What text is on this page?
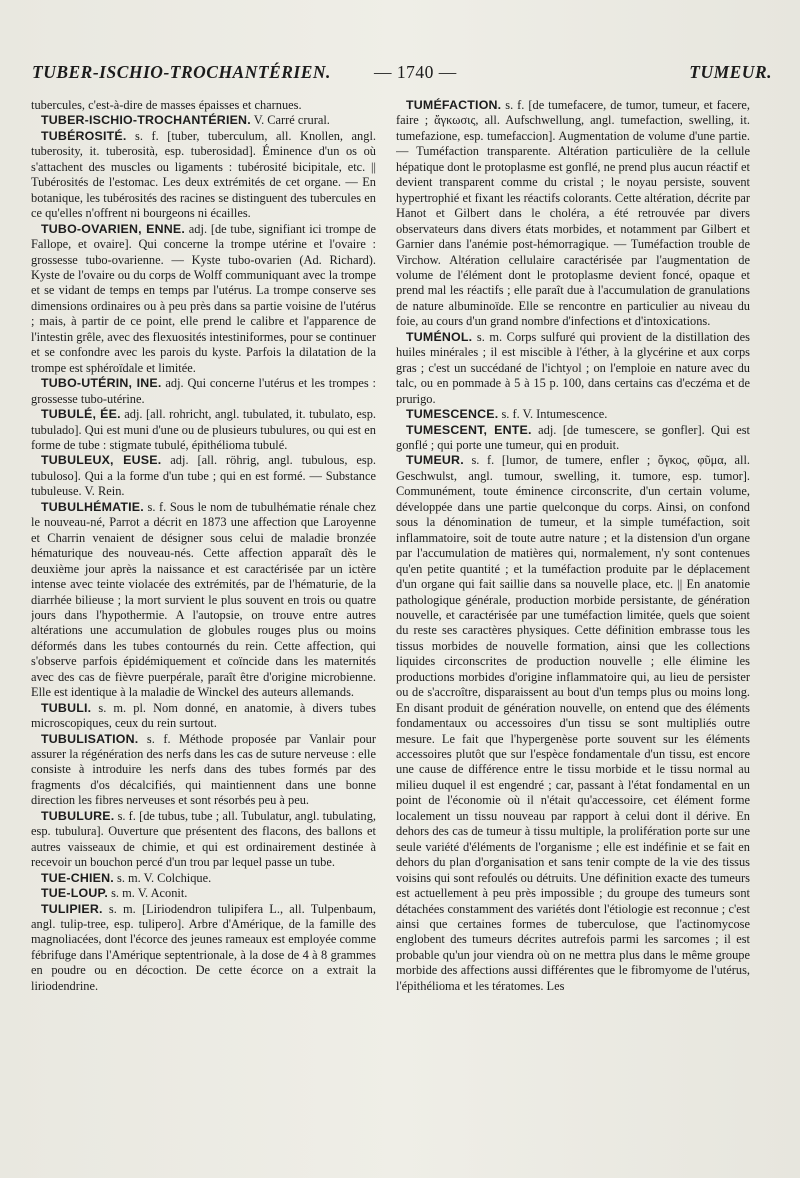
TUBER-ISCHIO-TROCHANTÉRIEN. — 1740 —	TUMEUR.

tubercules, c'est-à-dire de masses épaisses et charnues.

TUBER-ISCHIO-TROCHANTÉRIEN. V. Carré crural.

TUBÉROSITÉ. s. f. [tuber, tuberculum, all. Knollen, angl. tuberosity, it. tuberosità, esp. tuberosidad]. Éminence d'un os où s'attachent des muscles ou ligaments : tubérosité bicipitale, etc. || Tubérosités de l'estomac. Les deux extrémités de cet organe. — En botanique, les tubérosités des racines se distinguent des tubercules en ce qu'elles n'offrent ni bourgeons ni écailles.

TUBO-OVARIEN, ENNE. adj. [de tube, signifiant ici trompe de Fallope, et ovaire]. Qui concerne la trompe utérine et l'ovaire : grossesse tubo-ovarienne. — Kyste tubo-ovarien (Ad. Richard). Kyste de l'ovaire ou du corps de Wolff communiquant avec la trompe et se vidant de temps en temps par l'utérus. La trompe conserve ses dimensions ordinaires ou à peu près dans sa partie voisine de l'utérus ; mais, à partir de ce point, elle prend le calibre et l'apparence de l'intestin grêle, avec des flexuosités intestiniformes, pour se continuer et se confondre avec les parois du kyste. Parfois la dilatation de la trompe est sphéroïdale et limitée.

TUBO-UTÉRIN, INE. adj. Qui concerne l'utérus et les trompes : grossesse tubo-utérine.

TUBULÉ, ÉE. adj. [all. rohricht, angl. tubulated, it. tubulato, esp. tubulado]. Qui est muni d'une ou de plusieurs tubulures, ou qui est en forme de tube : stigmate tubulé, épithélioma tubulé.

TUBULEUX, EUSE. adj. [all. röhrig, angl. tubulous, esp. tubuloso]. Qui a la forme d'un tube ; qui en est formé. — Substance tubuleuse. V. Rein.

TUBULHÉMATIE. s. f. Sous le nom de tubulhématie rénale chez le nouveau-né, Parrot a décrit en 1873 une affection que Laroyenne et Charrin venaient de désigner sous celui de maladie bronzée hématurique des nouveau-nés. Cette affection apparaît dès le deuxième jour après la naissance et est caractérisée par un ictère intense avec teinte violacée des extrémités, par de l'hématurie, de la diarrhée bilieuse ; la mort survient le plus souvent en trois ou quatre jours dans l'hypothermie. A l'autopsie, on trouve entre autres altérations une accumulation de globules rouges plus ou moins déformés dans les tubes contournés du rein. Cette affection, qui s'observe parfois épidémiquement et coïncide dans les maternités avec des cas de fièvre puerpérale, paraît être d'origine microbienne. Elle est identique à la maladie de Winckel des auteurs allemands.

TUBULI. s. m. pl. Nom donné, en anatomie, à divers tubes microscopiques, ceux du rein surtout.

TUBULISATION. s. f. Méthode proposée par Vanlair pour assurer la régénération des nerfs dans les cas de suture nerveuse : elle consiste à introduire les nerfs dans des tubes formés par des fragments d'os décalcifiés, qui maintiennent dans une bonne direction les fibres nerveuses et sont résorbés peu à peu.

TUBULURE. s. f. [de tubus, tube ; all. Tubulatur, angl. tubulating, esp. tubulura]. Ouverture que présentent des flacons, des ballons et autres vaisseaux de chimie, et qui est ordinairement destinée à recevoir un bouchon percé d'un trou par lequel passe un tube.

TUE-CHIEN. s. m. V. Colchique.

TUE-LOUP. s. m. V. Aconit.

TULIPIER. s. m. [Liriodendron tulipifera L., all. Tulpenbaum, angl. tulip-tree, esp. tulipero]. Arbre d'Amérique, de la famille des magnoliacées, dont l'écorce des jeunes rameaux est employée comme fébrifuge dans l'Amérique septentrionale, à la dose de 4 à 8 grammes en poudre ou en décoction. De cette écorce on a extrait la liriodendrine.

TUMÉFACTION. s. f. [de tumefacere, de tumor, tumeur, et facere, faire ; ἄγκωσις, all. Aufschwellung, angl. tumefaction, swelling, it. tumefazione, esp. tumefaccion]. Augmentation de volume d'une partie. — Tuméfaction transparente. Altération particulière de la cellule hépatique dont le protoplasme est gonflé, ne prend plus aucun réactif et devient transparent comme du cristal ; le noyau persiste, souvent hypertrophié et fixant les réactifs colorants. Cette altération, décrite par Hanot et Gilbert dans le choléra, a été retrouvée par divers observateurs dans divers états morbides, et notamment par Gilbert et Garnier dans l'anémie post-hémorragique. — Tuméfaction trouble de Virchow. Altération cellulaire caractérisée par l'augmentation de volume de l'élément dont le protoplasme devient foncé, opaque et prend mal les réactifs ; elle paraît due à l'accumulation de granulations de nature albuminoïde. Elle se rencontre en particulier au niveau du foie, au cours d'un grand nombre d'infections et d'intoxications.

TUMÉNOL. s. m. Corps sulfuré qui provient de la distillation des huiles minérales ; il est miscible à l'éther, à la glycérine et aux corps gras ; c'est un succédané de l'ichtyol ; on l'emploie en nature avec du talc, ou en pommade à 5 à 15 p. 100, dans certains cas d'eczéma et de prurigo.

TUMESCENCE. s. f. V. Intumescence.

TUMESCENT, ENTE. adj. [de tumescere, se gonfler]. Qui est gonflé ; qui porte une tumeur, qui en produit.

TUMEUR. s. f. [lumor, de tumere, enfler ; ὄγκος, φῦμα, all. Geschwulst, angl. tumour, swelling, it. tumore, esp. tumor]. Communément, toute éminence circonscrite, d'un certain volume, développée dans une partie quelconque du corps. Ainsi, on confond sous la dénomination de tumeur, et la simple tuméfaction, soit inflammatoire, soit de toute autre nature ; et la distension d'un organe par l'accumulation de matières qui, normalement, n'y sont contenues qu'en petite quantité ; et la tuméfaction produite par le déplacement d'un organe qui fait saillie dans sa nouvelle place, etc. || En anatomie pathologique générale, production morbide persistante, de génération nouvelle, et caractérisée par une tuméfaction limitée, quels que soient du reste ses caractères physiques. Cette définition embrasse tous les tissus morbides de nouvelle formation, ainsi que les collections liquides circonscrites de production nouvelle ; elle élimine les productions morbides d'origine inflammatoire qui, au lieu de persister ou de s'accroître, disparaissent au bout d'un temps plus ou moins long. En disant produit de génération nouvelle, on entend que des éléments fondamentaux ou accessoires d'un tissu se sont multipliés outre mesure. Le fait que l'hypergenèse porte souvent sur les éléments accessoires plutôt que sur l'espèce fondamentale d'un tissu, est encore une cause de différence entre le tissu morbide et le tissu normal au milieu duquel il est engendré ; car, passant à l'état fondamental en un point de l'économie où il n'était qu'accessoire, cet élément forme localement un tissu nouveau par rapport à celui dont il dérive. En dehors des cas de tumeur à tissu multiple, la prolifération porte sur une seule variété d'éléments de l'organisme ; elle est indéfinie et se fait en dehors du plan d'organisation et sans tenir compte de la vie des tissus voisins qui sont refoulés ou détruits. Une définition exacte des tumeurs est actuellement à peu près impossible ; du groupe des tumeurs sont détachées constamment des variétés dont l'étiologie est reconnue ; c'est ainsi que certaines formes de tuberculose, que l'actinomycose englobent des tumeurs décrites autrefois parmi les sarcomes ; il est probable qu'un jour viendra où on ne mettra plus dans le même groupe morbide des affections aussi différentes que le fibromyome de l'utérus, l'épithélioma et les tératomes. Les
